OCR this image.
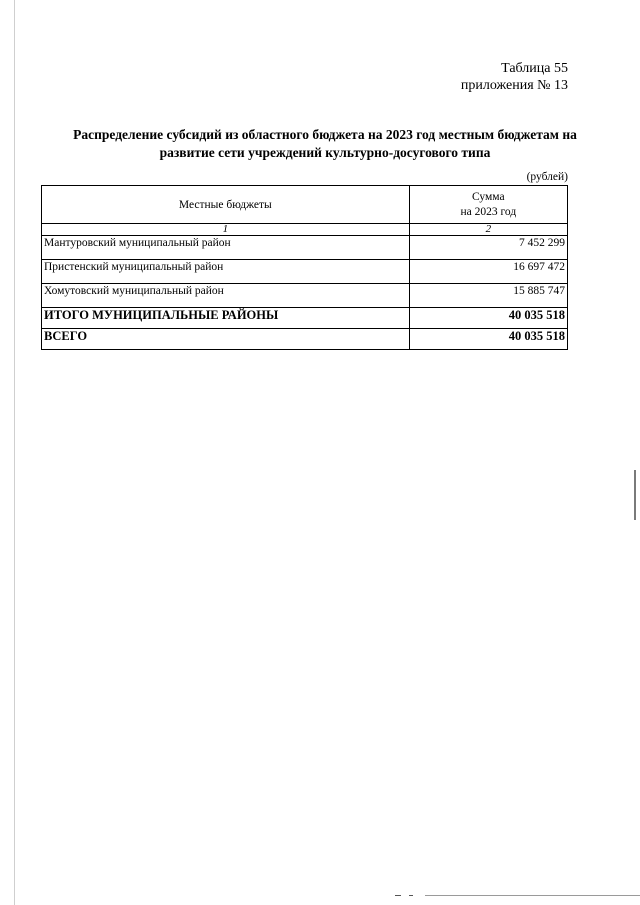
Таблица 55
приложения № 13
Распределение субсидий из областного бюджета на 2023 год местным бюджетам на
развитие сети учреждений культурно-досугового типа
(рублей)
Местные бюджеты	Сумма
на 2023 год

1	2
Мантуровский муниципальный район	7 452 299
Пристенский муниципальный район	16 697 472
Хомутовский муниципальный район	15 885 747
ИТОГО МУНИЦИПАЛЬНЫЕ РАЙОНЫ	40 035 518
ВСЕГО	40 035 518
